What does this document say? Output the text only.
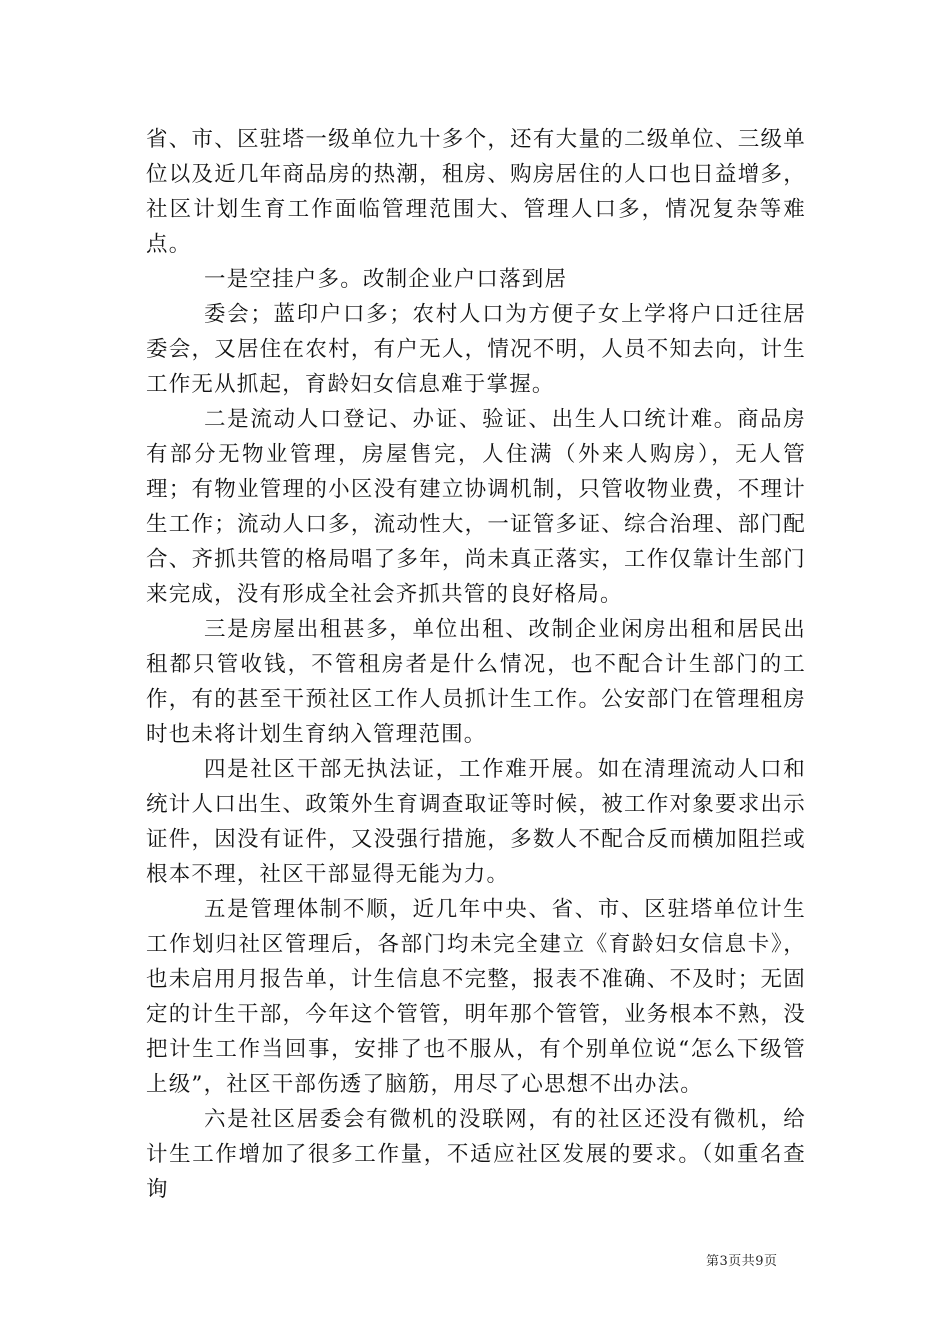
省、市、区驻塔一级单位九十多个，还有大量的二级单位、三级单位以及近几年商品房的热潮，租房、购房居住的人口也日益增多，社区计划生育工作面临管理范围大、管理人口多，情况复杂等难点。

一是空挂户多。改制企业户口落到居

委会；蓝印户口多；农村人口为方便子女上学将户口迁往居委会，又居住在农村，有户无人，情况不明，人员不知去向，计生工作无从抓起，育龄妇女信息难于掌握。

二是流动人口登记、办证、验证、出生人口统计难。商品房有部分无物业管理，房屋售完，人住满（外来人购房），无人管理；有物业管理的小区没有建立协调机制，只管收物业费，不理计生工作；流动人口多，流动性大，一证管多证、综合治理、部门配合、齐抓共管的格局唱了多年，尚未真正落实，工作仅靠计生部门来完成，没有形成全社会齐抓共管的良好格局。

三是房屋出租甚多，单位出租、改制企业闲房出租和居民出租都只管收钱，不管租房者是什么情况，也不配合计生部门的工作，有的甚至干预社区工作人员抓计生工作。公安部门在管理租房时也未将计划生育纳入管理范围。

四是社区干部无执法证，工作难开展。如在清理流动人口和统计人口出生、政策外生育调查取证等时候，被工作对象要求出示证件，因没有证件，又没强行措施，多数人不配合反而横加阻拦或根本不理，社区干部显得无能为力。

五是管理体制不顺，近几年中央、省、市、区驻塔单位计生工作划归社区管理后，各部门均未完全建立《育龄妇女信息卡》，也未启用月报告单，计生信息不完整，报表不准确、不及时；无固定的计生干部，今年这个管管，明年那个管管，业务根本不熟，没把计生工作当回事，安排了也不服从，有个别单位说“怎么下级管上级”，社区干部伤透了脑筋，用尽了心思想不出办法。

六是社区居委会有微机的没联网，有的社区还没有微机，给计生工作增加了很多工作量，不适应社区发展的要求。（如重名查询

第3页共9页
